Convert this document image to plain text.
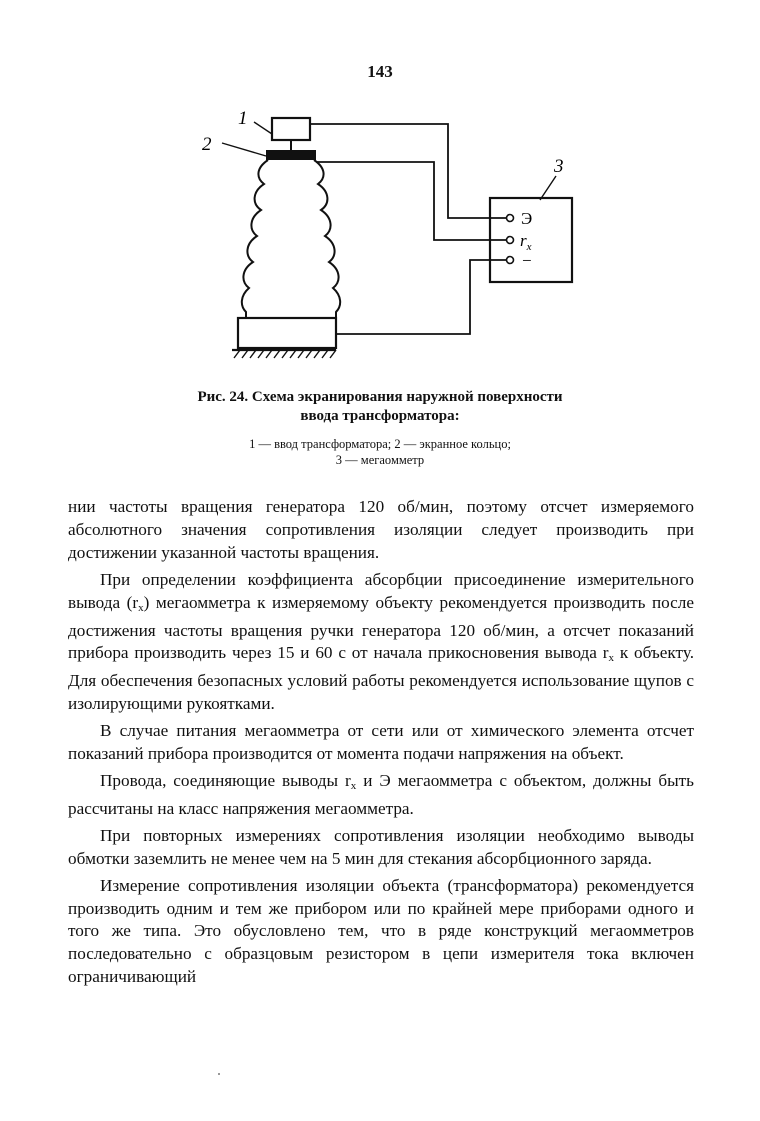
143
Э
$r_x$
−
1
2
3
Рис. 24. Схема экранирования наружной поверхности
ввода трансформатора:
1 — ввод трансформатора; 2 — экранное кольцо;
3 — мегаомметр

нии частоты вращения генератора 120 об/мин, поэтому отсчет измеряемого абсолютного значения сопротивления изоляции следует производить при достижении указанной частоты вращения.

При определении коэффициента абсорбции присоединение измерительного вывода $(r_x)$ мегаомметра к измеряемому объекту рекомендуется производить после достижения частоты вращения ручки генератора 120 об/мин, а отсчет показаний прибора производить через 15 и 60 с от начала прикосновения вывода $r_x$ к объекту. Для обеспечения безопасных условий работы рекомендуется использование щупов с изолирующими рукоятками.

В случае питания мегаомметра от сети или от химического элемента отсчет показаний прибора производится от момента подачи напряжения на объект.

Провода, соединяющие выводы $r_x$ и Э мегаомметра с объектом, должны быть рассчитаны на класс напряжения мегаомметра.

При повторных измерениях сопротивления изоляции необходимо выводы обмотки заземлить не менее чем на 5 мин для стекания абсорбционного заряда.

Измерение сопротивления изоляции объекта (трансформатора) рекомендуется производить одним и тем же прибором или по крайней мере приборами одного и того же типа. Это обусловлено тем, что в ряде конструкций мегаомметров последовательно с образцовым резистором в цепи измерителя тока включен ограничивающий
